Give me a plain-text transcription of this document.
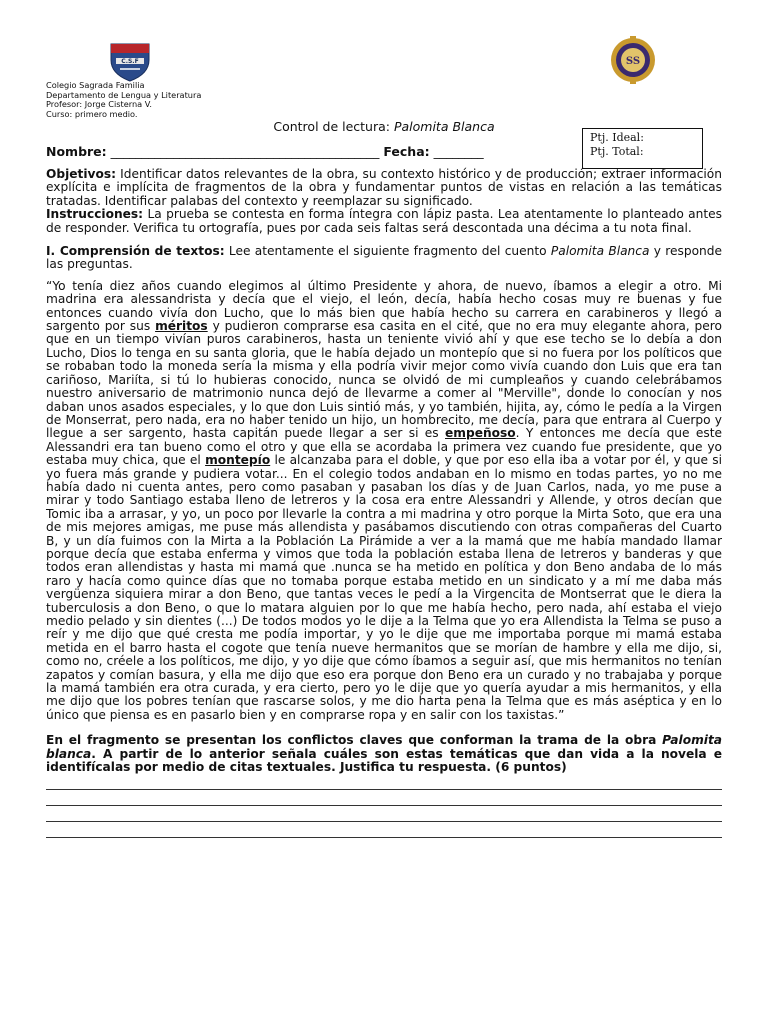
C.S.F	SS
Colegio Sagrada Familia
Departamento de Lengua y Literatura
Profesor: Jorge Cisterna V.
Curso: primero medio.
Ptj. Ideal:
Ptj. Total:
Control de lectura: Palomita Blanca
Nombre: ___________________________________________ Fecha: ________

Objetivos: Identificar datos relevantes de la obra, su contexto histórico y de producción; extraer información explícita e implícita de fragmentos de la obra y fundamentar puntos de vistas en relación a las temáticas tratadas. Identificar palabas del contexto y reemplazar su significado.

Instrucciones: La prueba se contesta en forma íntegra con lápiz pasta. Lea atentamente lo planteado antes de responder. Verifica tu ortografía, pues por cada seis faltas será descontada una décima a tu nota final.

I. Comprensión de textos: Lee atentamente el siguiente fragmento del cuento Palomita Blanca y responde las preguntas.

“Yo tenía diez años cuando elegimos al último Presidente y ahora, de nuevo, íbamos a elegir a otro. Mi madrina era alessandrista y decía que el viejo, el león, decía, había hecho cosas muy re buenas y fue entonces cuando vivía don Lucho, que lo más bien que había hecho su carrera en carabineros y llegó a sargento por sus méritos y pudieron comprarse esa casita en el cité, que no era muy elegante ahora, pero que en un tiempo vivían puros carabineros, hasta un teniente vivió ahí y que ese techo se lo debía a don Lucho, Dios lo tenga en su santa gloria, que le había dejado un montepío que si no fuera por los políticos que se robaban todo la moneda sería la misma y ella podría vivir mejor como vivía cuando don Luis que era tan cariñoso, Mariíta, si tú lo hubieras conocido, nunca se olvidó de mi cumpleaños y cuando celebrábamos nuestro aniversario de matrimonio nunca dejó de llevarme a comer al "Merville", donde lo conocían y nos daban unos asados especiales, y lo que don Luis sintió más, y yo también, hijita, ay, cómo le pedía a la Virgen de Monserrat, pero nada, era no haber tenido un hijo, un hombrecito, me decía, para que entrara al Cuerpo y llegue a ser sargento, hasta capitán puede llegar a ser si es empeñoso. Y entonces me decía que este Alessandri era tan bueno como el otro y que ella se acordaba la primera vez cuando fue presidente, que yo estaba muy chica, que el montepío le alcanzaba para el doble, y que por eso ella iba a votar por él, y que si yo fuera más grande y pudiera votar... En el colegio todos andaban en lo mismo en todas partes, yo no me había dado ni cuenta antes, pero como pasaban y pasaban los días y de Juan Carlos, nada, yo me puse a mirar y todo Santiago estaba lleno de letreros y la cosa era entre Alessandri y Allende, y otros decían que Tomic iba a arrasar, y yo, un poco por llevarle la contra a mi madrina y otro porque la Mirta Soto, que era una de mis mejores amigas, me puse más allendista y pasábamos discutiendo con otras compañeras del Cuarto B, y un día fuimos con la Mirta a la Población La Pirámide a ver a la mamá que me había mandado llamar porque decía que estaba enferma y vimos que toda la población estaba llena de letreros y banderas y que todos eran allendistas y hasta mi mamá que .nunca se ha metido en política y don Beno andaba de lo más raro y hacía como quince días que no tomaba porque estaba metido en un sindicato y a mí me daba más vergüenza siquiera mirar a don Beno, que tantas veces le pedí a la Virgencita de Montserrat que le diera la tuberculosis a don Beno, o que lo matara alguien por lo que me había hecho, pero nada, ahí estaba el viejo medio pelado y sin dientes (...) De todos modos yo le dije a la Telma que yo era Allendista la Telma se puso a reír y me dijo que qué cresta me podía importar, y yo le dije que me importaba porque mi mamá estaba metida en el barro hasta el cogote que tenía nueve hermanitos que se morían de hambre y ella me dijo, si, como no, créele a los políticos, me dijo, y yo dije que cómo íbamos a seguir así, que mis hermanitos no tenían zapatos y comían basura, y ella me dijo que eso era porque don Beno era un curado y no trabajaba y porque la mamá también era otra curada, y era cierto, pero yo le dije que yo quería ayudar a mis hermanitos, y ella me dijo que los pobres tenían que rascarse solos, y me dio harta pena la Telma que es más aséptica y en lo único que piensa es en pasarlo bien y en comprarse ropa y en salir con los taxistas.”

En el fragmento se presentan los conflictos claves que conforman la trama de la obra Palomita blanca. A partir de lo anterior señala cuáles son estas temáticas que dan vida a la novela e identifícalas por medio de citas textuales. Justifica tu respuesta. (6 puntos)
